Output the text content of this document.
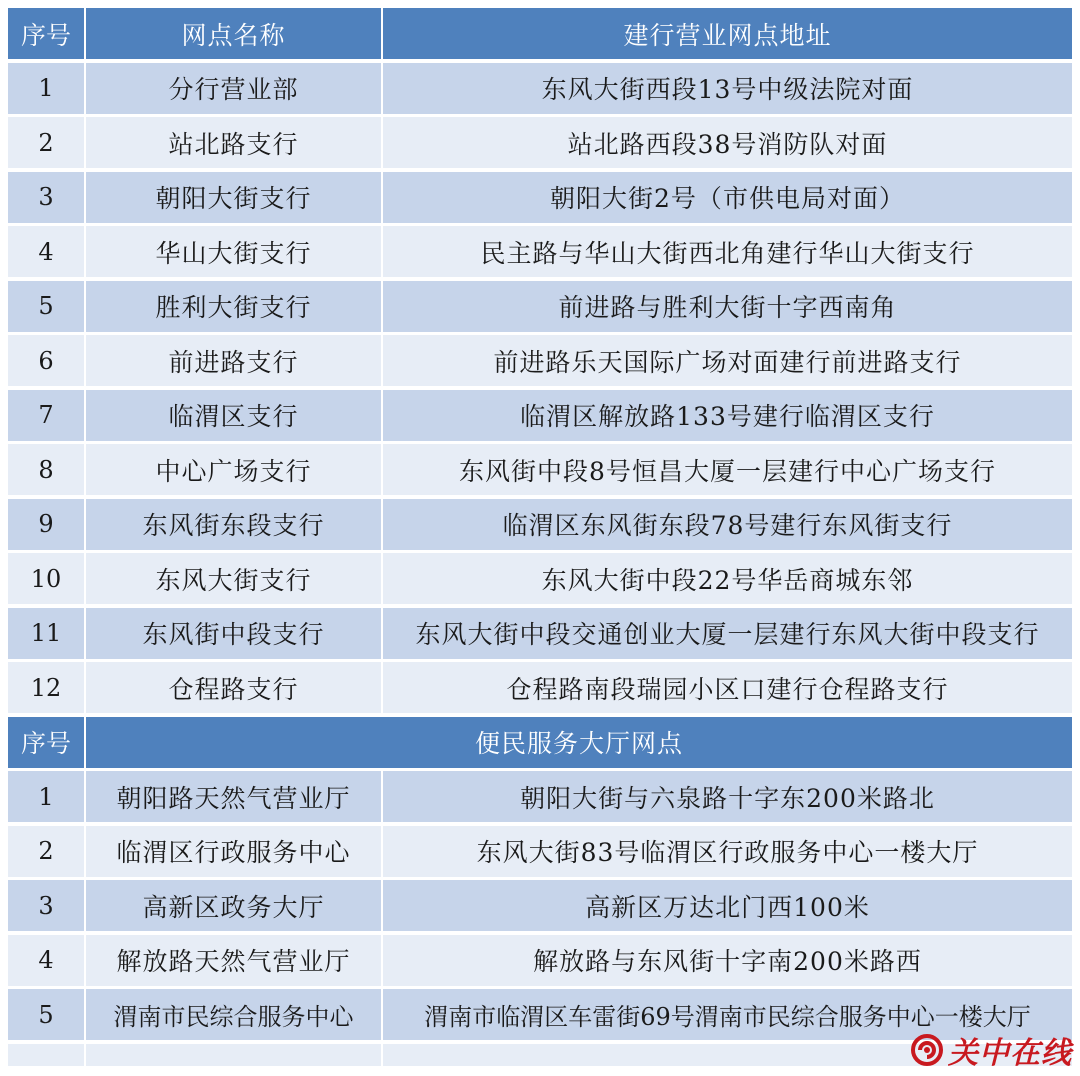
序号	网点名称	建行营业网点地址
1	分行营业部	东风大街西段13号中级法院对面
2	站北路支行	站北路西段38号消防队对面
3	朝阳大街支行	朝阳大街2号（市供电局对面）
4	华山大街支行	民主路与华山大街西北角建行华山大街支行
5	胜利大街支行	前进路与胜利大街十字西南角
6	前进路支行	前进路乐天国际广场对面建行前进路支行
7	临渭区支行	临渭区解放路133号建行临渭区支行
8	中心广场支行	东风街中段8号恒昌大厦一层建行中心广场支行
9	东风街东段支行	临渭区东风街东段78号建行东风街支行
10	东风大街支行	东风大街中段22号华岳商城东邻
11	东风街中段支行	东风大街中段交通创业大厦一层建行东风大街中段支行
12	仓程路支行	仓程路南段瑞园小区口建行仓程路支行
序号	便民服务大厅网点
1	朝阳路天然气营业厅	朝阳大街与六泉路十字东200米路北
2	临渭区行政服务中心	东风大街83号临渭区行政服务中心一楼大厅
3	高新区政务大厅	高新区万达北门西100米
4	解放路天然气营业厅	解放路与东风街十字南200米路西
5	渭南市民综合服务中心	渭南市临渭区车雷街69号渭南市民综合服务中心一楼大厅
关中在线
